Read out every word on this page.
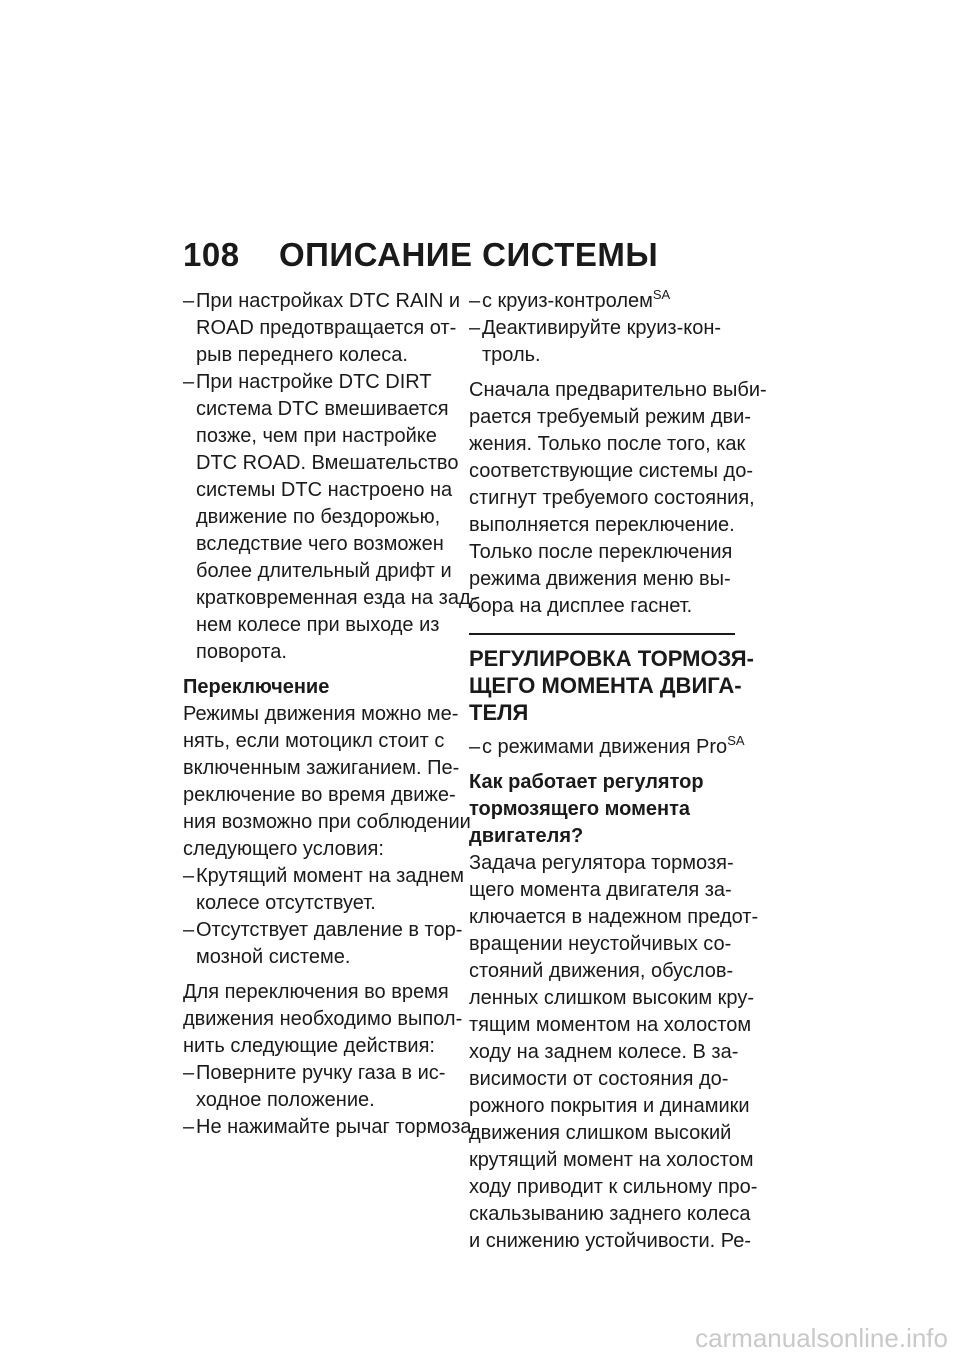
108 ОПИСАНИЕ СИСТЕМЫ
–При настройках DTC RAIN и
ROAD предотвращается от-
рыв переднего колеса.
–При настройке DTC DIRT
система DTC вмешивается
позже, чем при настройке
DTC ROAD. Вмешательство
системы DTC настроено на
движение по бездорожью,
вследствие чего возможен
более длительный дрифт и
кратковременная езда на зад-
нем колесе при выходе из
поворота.
Переключение
Режимы движения можно ме-
нять, если мотоцикл стоит с
включенным зажиганием. Пе-
реключение во время движе-
ния возможно при соблюдении
следующего условия:
–Крутящий момент на заднем
колесе отсутствует.
–Отсутствует давление в тор-
мозной системе.
Для переключения во время
движения необходимо выпол-
нить следующие действия:
–Поверните ручку газа в ис-
ходное положение.
–Не нажимайте рычаг тормоза.
–с круиз-контролем$^{SA}$
–Деактивируйте круиз-кон-
троль.
Сначала предварительно выби-
рается требуемый режим дви-
жения. Только после того, как
соответствующие системы до-
стигнут требуемого состояния,
выполняется переключение.
Только после переключения
режима движения меню вы-
бора на дисплее гаснет.
РЕГУЛИРОВКА ТОРМОЗЯ-
ЩЕГО МОМЕНТА ДВИГА-
ТЕЛЯ
–с режимами движения Pro$^{SA}$
Как работает регулятор
тормозящего момента
двигателя?
Задача регулятора тормозя-
щего момента двигателя за-
ключается в надежном предот-
вращении неустойчивых со-
стояний движения, обуслов-
ленных слишком высоким кру-
тящим моментом на холостом
ходу на заднем колесе. В за-
висимости от состояния до-
рожного покрытия и динамики
движения слишком высокий
крутящий момент на холостом
ходу приводит к сильному про-
скальзыванию заднего колеса
и снижению устойчивости. Ре-
carmanualsonline.info
